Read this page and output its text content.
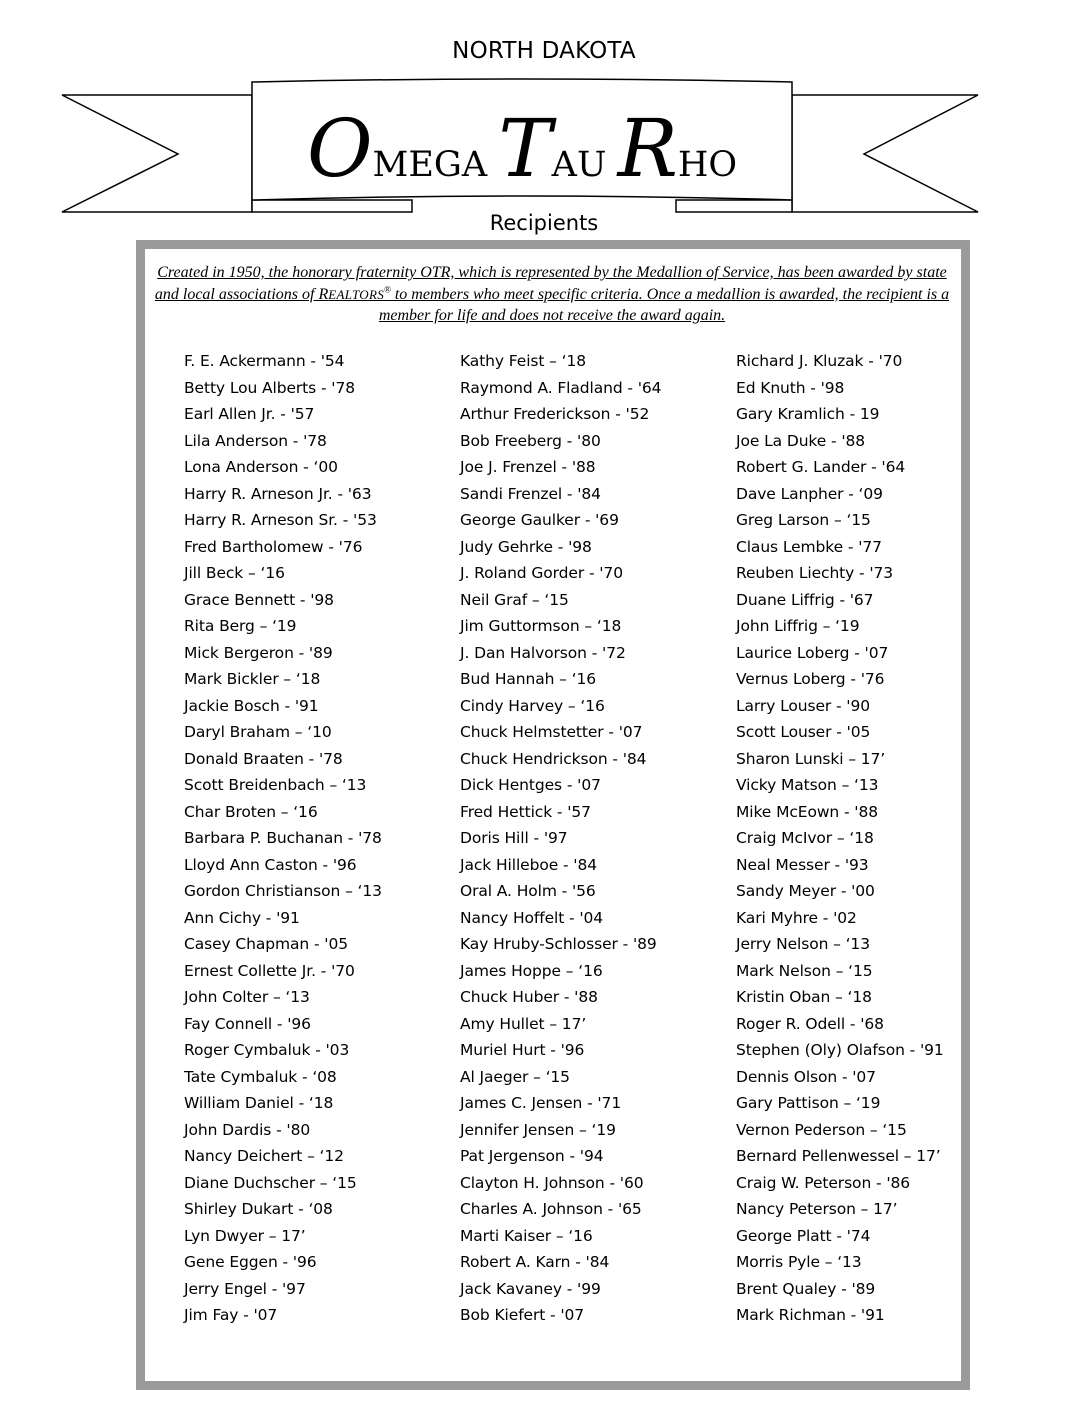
NORTH DAKOTA
OMEGA TAU RHO
Recipients

Created in 1950, the honorary fraternity OTR, which is represented by the Medallion of Service, has been awarded by state and local associations of REALTORS® to members who meet specific criteria. Once a medallion is awarded, the recipient is a member for life and does not receive the award again.

F. E. Ackermann - '54
Betty Lou Alberts - '78
Earl Allen Jr. - '57
Lila Anderson - '78
Lona Anderson - ‘00
Harry R. Arneson Jr. - '63
Harry R. Arneson Sr. - '53
Fred Bartholomew - '76
Jill Beck – ‘16
Grace Bennett - '98
Rita Berg – ‘19
Mick Bergeron - '89
Mark Bickler – ‘18
Jackie Bosch - '91
Daryl Braham – ‘10
Donald Braaten - '78
Scott Breidenbach – ‘13
Char Broten – ‘16
Barbara P. Buchanan - '78
Lloyd Ann Caston - '96
Gordon Christianson – ‘13
Ann Cichy - '91
Casey Chapman - '05
Ernest Collette Jr. - '70
John Colter – ‘13
Fay Connell - '96
Roger Cymbaluk - '03
Tate Cymbaluk - ‘08
William Daniel - ‘18
John Dardis - '80
Nancy Deichert – ‘12
Diane Duchscher – ‘15
Shirley Dukart - ‘08
Lyn Dwyer – 17’
Gene Eggen - '96
Jerry Engel - '97
Jim Fay - '07
Kathy Feist – ‘18
Raymond A. Fladland - '64
Arthur Frederickson - '52
Bob Freeberg - '80
Joe J. Frenzel - '88
Sandi Frenzel - '84
George Gaulker - '69
Judy Gehrke - '98
J. Roland Gorder - '70
Neil Graf – ‘15
Jim Guttormson – ‘18
J. Dan Halvorson - '72
Bud Hannah – ‘16
Cindy Harvey – ‘16
Chuck Helmstetter - '07
Chuck Hendrickson - '84
Dick Hentges - '07
Fred Hettick - '57
Doris Hill - '97
Jack Hilleboe - '84
Oral A. Holm - '56
Nancy Hoffelt - '04
Kay Hruby-Schlosser - '89
James Hoppe – ‘16
Chuck Huber - '88
Amy Hullet – 17’
Muriel Hurt - '96
Al Jaeger – ‘15
James C. Jensen - '71
Jennifer Jensen – ‘19
Pat Jergenson - '94
Clayton H. Johnson - '60
Charles A. Johnson - '65
Marti Kaiser – ‘16
Robert A. Karn - '84
Jack Kavaney - '99
Bob Kiefert - '07
Richard J. Kluzak - '70
Ed Knuth - '98
Gary Kramlich - 19
Joe La Duke - '88
Robert G. Lander - '64
Dave Lanpher - ‘09
Greg Larson – ‘15
Claus Lembke - '77
Reuben Liechty - '73
Duane Liffrig - '67
John Liffrig – ‘19
Laurice Loberg - '07
Vernus Loberg - '76
Larry Louser - '90
Scott Louser - '05
Sharon Lunski – 17’
Vicky Matson – ‘13
Mike McEown - '88
Craig McIvor – ‘18
Neal Messer - '93
Sandy Meyer - '00
Kari Myhre - '02
Jerry Nelson – ‘13
Mark Nelson – ‘15
Kristin Oban – ‘18
Roger R. Odell - '68
Stephen (Oly) Olafson - '91
Dennis Olson - '07
Gary Pattison – ‘19
Vernon Pederson – ‘15
Bernard Pellenwessel – 17’
Craig W. Peterson - '86
Nancy Peterson – 17’
George Platt - '74
Morris Pyle – ‘13
Brent Qualey - '89
Mark Richman - '91
